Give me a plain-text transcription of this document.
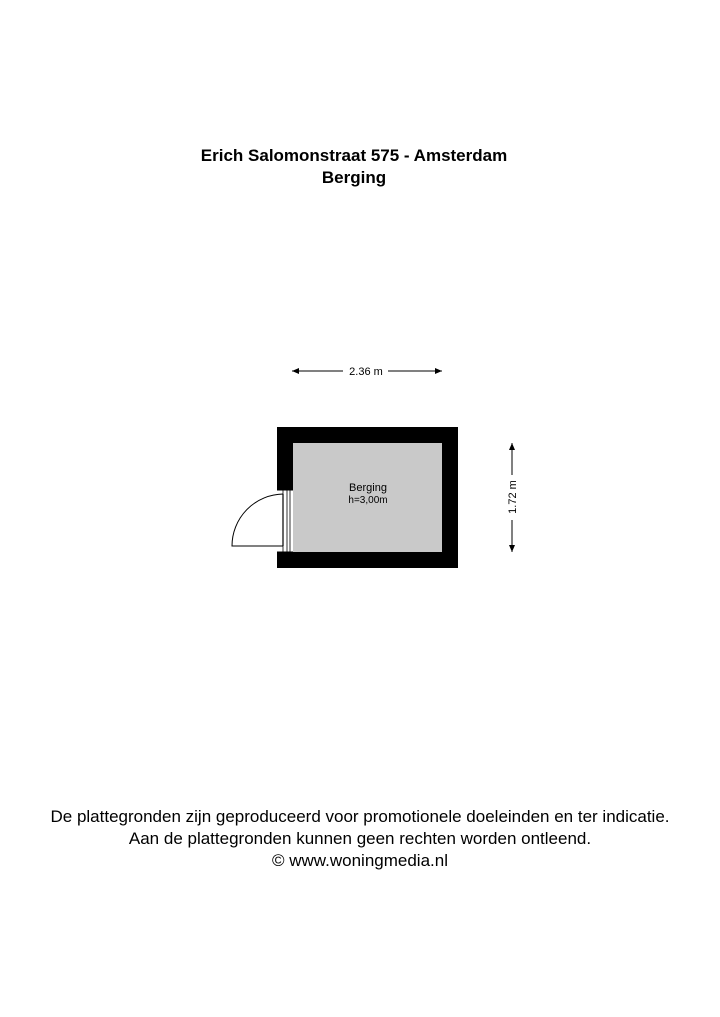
Erich Salomonstraat 575 - Amsterdam
Berging
2.36 m
1.72 m
Berging
h=3,00m
De plattegronden zijn geproduceerd voor promotionele doeleinden en ter indicatie.
Aan de plattegronden kunnen geen rechten worden ontleend.
© www.woningmedia.nl
